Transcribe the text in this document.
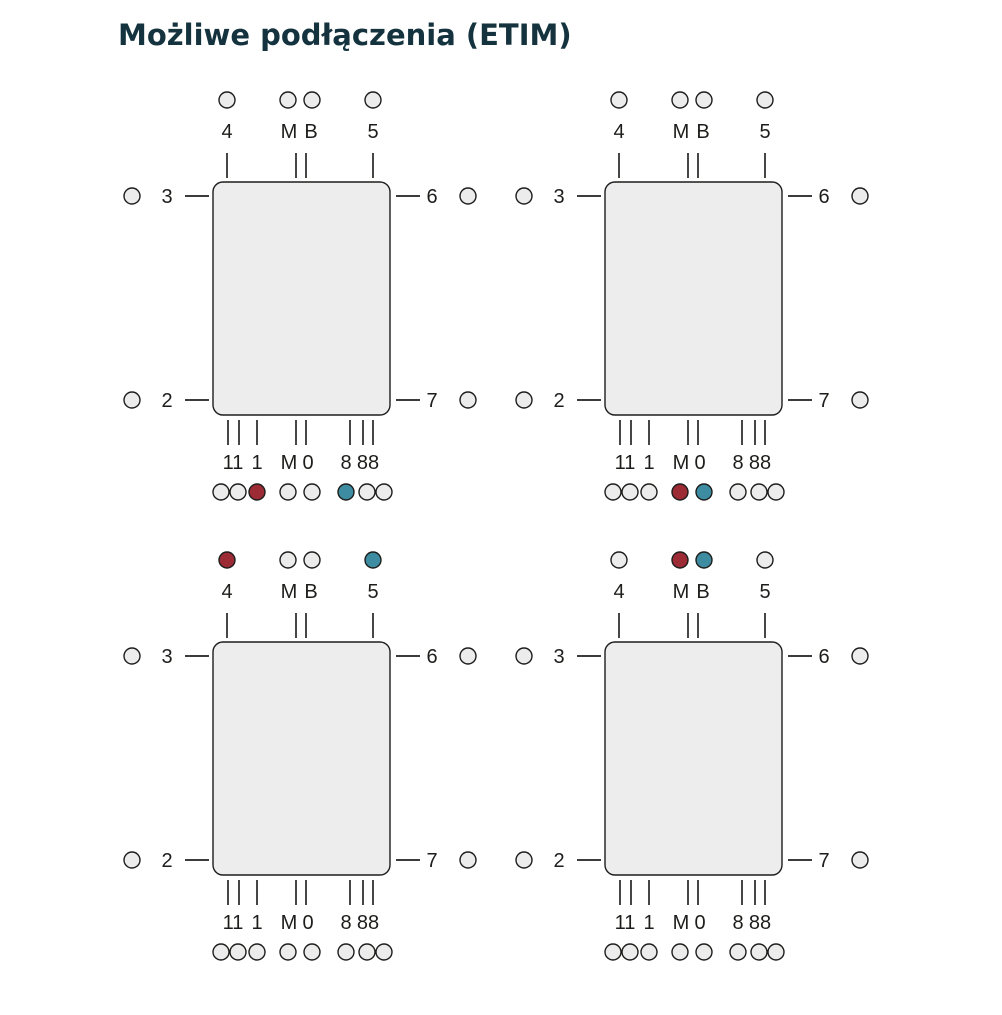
Możliwe podłączenia (ETIM)
4 M B 5
3
2
6
7
11 1 M 0 8 88
4 M B 5
3
2
6
7
11 1 M 0 8 88
4 M B 5
3
2
6
7
11 1 M 0 8 88
4 M B 5
3
2
6
7
11 1 M 0 8 88
